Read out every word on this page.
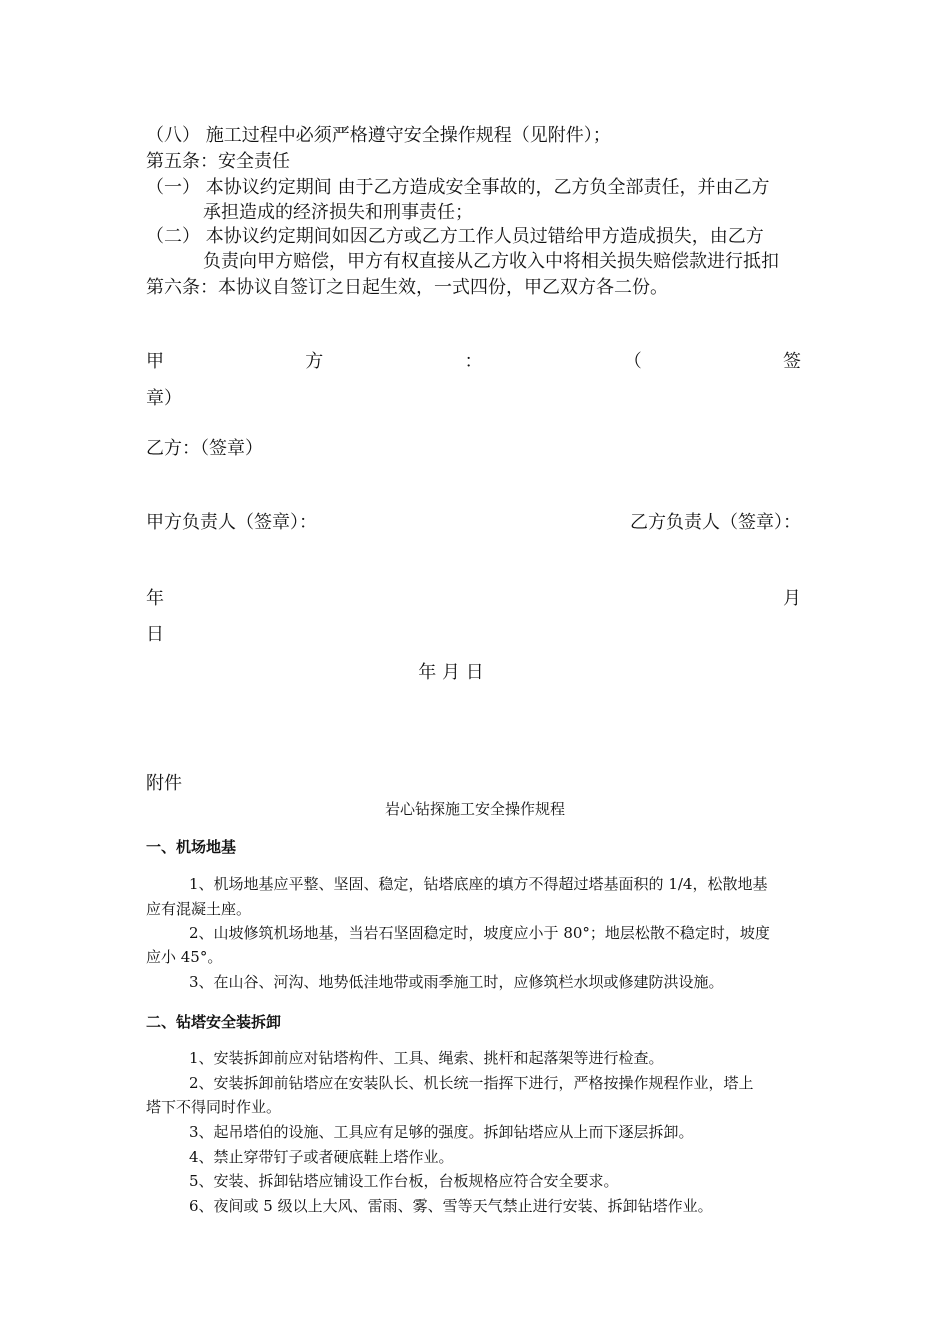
（八） 施工过程中必须严格遵守安全操作规程（见附件）；
第五条：安全责任
（一） 本协议约定期间 由于乙方造成安全事故的，乙方负全部责任，并由乙方
承担造成的经济损失和刑事责任；
（二） 本协议约定期间如因乙方或乙方工作人员过错给甲方造成损失，由乙方
负责向甲方赔偿，甲方有权直接从乙方收入中将相关损失赔偿款进行抵扣
第六条：本协议自签订之日起生效，一式四份，甲乙双方各二份。
甲	方	：	（	签
章）
乙方：（签章）
甲方负责人（签章）：	乙方负责人（签章）：
年	月
日
年 月 日
附件
岩心钻探施工安全操作规程
一、机场地基
1、机场地基应平整、坚固、稳定，钻塔底座的填方不得超过塔基面积的 1/4，松散地基
应有混凝土座。
2、山坡修筑机场地基，当岩石坚固稳定时，坡度应小于 80°；地层松散不稳定时，坡度
应小 45°。
3、在山谷、河沟、地势低洼地带或雨季施工时，应修筑栏水坝或修建防洪设施。
二、钻塔安全装拆卸
1、安装拆卸前应对钻塔构件、工具、绳索、挑杆和起落架等进行检查。
2、安装拆卸前钻塔应在安装队长、机长统一指挥下进行，严格按操作规程作业，塔上
塔下不得同时作业。
3、起吊塔伯的设施、工具应有足够的强度。拆卸钻塔应从上而下逐层拆卸。
4、禁止穿带钉子或者硬底鞋上塔作业。
5、安装、拆卸钻塔应铺设工作台板，台板规格应符合安全要求。
6、夜间或 5 级以上大风、雷雨、雾、雪等天气禁止进行安装、拆卸钻塔作业。
